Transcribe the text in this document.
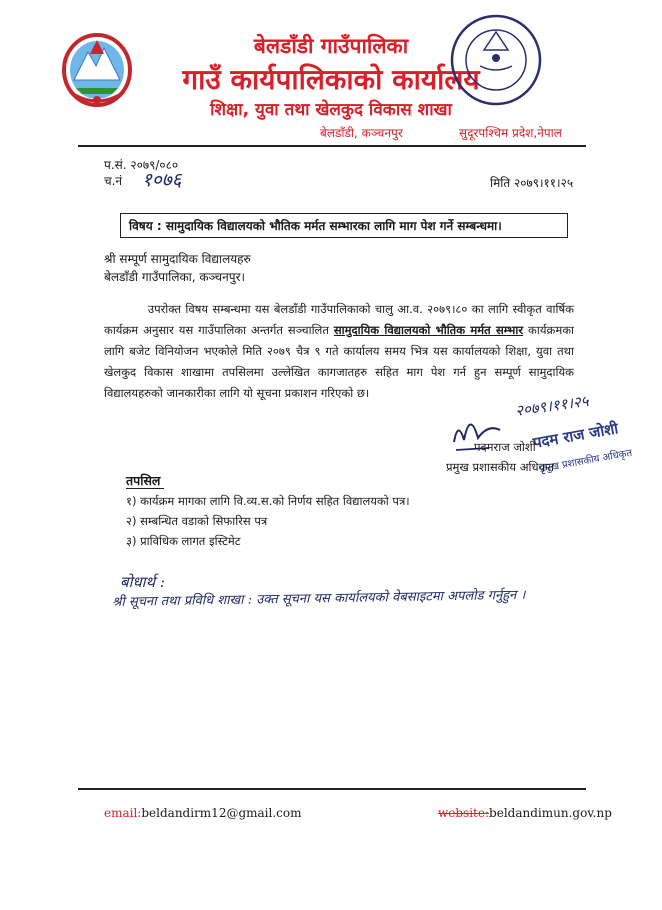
बेलडाँडी गाउँपालिका
गाउँ कार्यपालिकाको कार्यालय
शिक्षा, युवा तथा खेलकुद विकास शाखा
बेलडाँडी, कञ्चनपुर	सुदूरपश्चिम प्रदेश,नेपाल
प.सं. २०७९/०८०
च.नं १०७६	मिति २०७९।११।२५
विषय : सामुदायिक विद्यालयको भौतिक मर्मत सम्भारका लागि माग पेश गर्ने सम्बन्धमा।
श्री सम्पूर्ण सामुदायिक विद्यालयहरु
बेलडाँडी गाउँपालिका, कञ्चनपुर।
उपरोक्त विषय सम्बन्धमा यस बेलडाँडी गाउँपालिकाको चालु आ.व. २०७९।८० का लागि स्वीकृत वार्षिक कार्यक्रम अनुसार यस गाउँपालिका अन्तर्गत सञ्चालित सामुदायिक विद्यालयको भौतिक मर्मत सम्भार कार्यक्रमका लागि बजेट विनियोजन भएकोले मिति २०७९ चैत्र ९ गते कार्यालय समय भित्र यस कार्यालयको शिक्षा, युवा तथा खेलकुद विकास शाखामा तपसिलमा उल्लेखित कागजातहरु सहित माग पेश गर्न हुन सम्पूर्ण सामुदायिक विद्यालयहरुको जानकारीका लागि यो सूचना प्रकाशन गरिएको छ।	२०७९।११।२५
पदम राज जोशी
प्रमुख प्रशासकीय अधिकृत
पदमराज जोशी
प्रमुख प्रशासकीय अधिकृत
तपसिल
१) कार्यक्रम मागका लागि वि.व्य.स.को निर्णय सहित विद्यालयको पत्र।
२) सम्बन्धित वडाको सिफारिस पत्र
३) प्राविधिक लागत इस्टिमेट
बोधार्थ :
श्री सूचना तथा प्रविधि शाखा : उक्त सूचना यस कार्यालयको वेबसाइटमा अपलोड गर्नुहुन ।
email:beldandirm12@gmail.com	website:beldandimun.gov.np
